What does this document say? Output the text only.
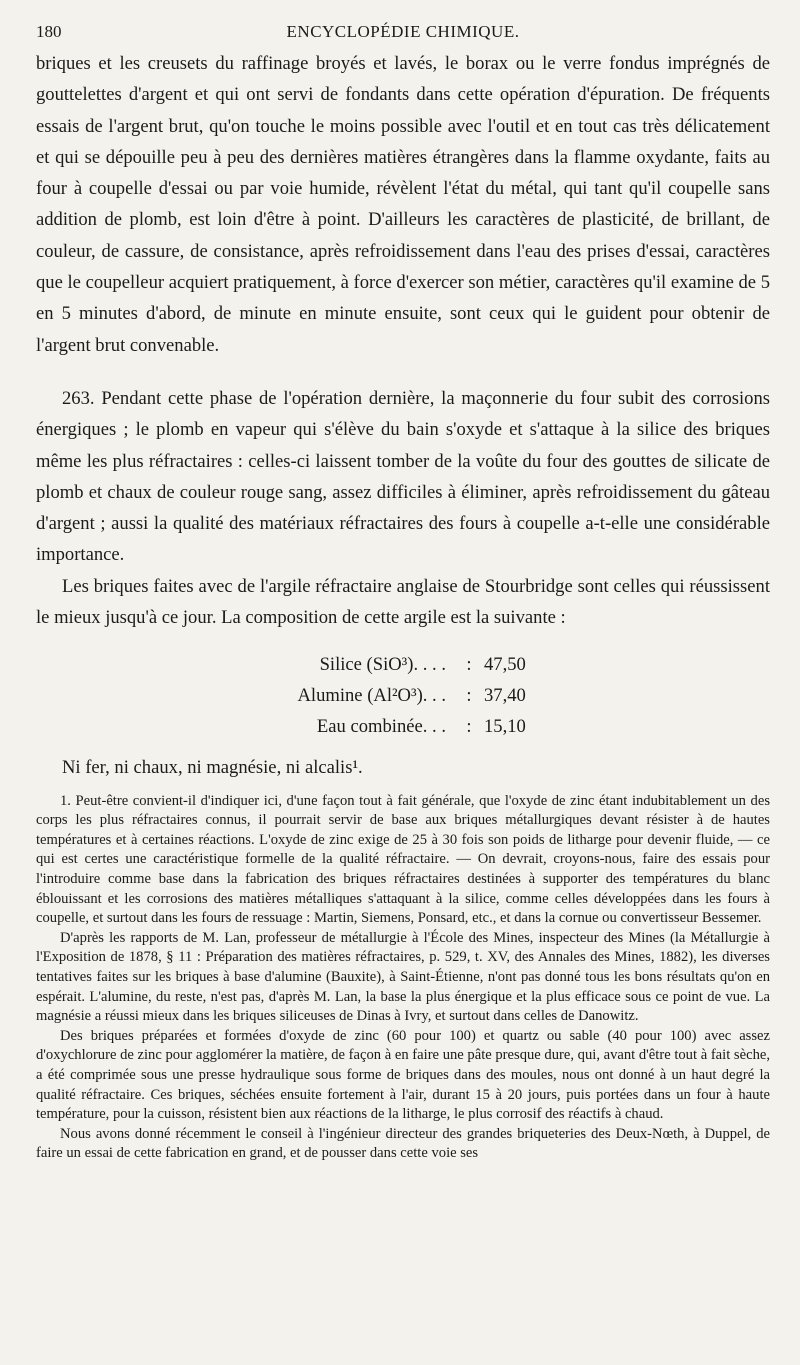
180	ENCYCLOPÉDIE CHIMIQUE.

briques et les creusets du raffinage broyés et lavés, le borax ou le verre fondus imprégnés de gouttelettes d'argent et qui ont servi de fondants dans cette opération d'épuration. De fréquents essais de l'argent brut, qu'on touche le moins possible avec l'outil et en tout cas très délicatement et qui se dépouille peu à peu des dernières matières étrangères dans la flamme oxydante, faits au four à coupelle d'essai ou par voie humide, révèlent l'état du métal, qui tant qu'il coupelle sans addition de plomb, est loin d'être à point. D'ailleurs les caractères de plasticité, de brillant, de couleur, de cassure, de consistance, après refroidissement dans l'eau des prises d'essai, caractères que le coupelleur acquiert pratiquement, à force d'exercer son métier, caractères qu'il examine de 5 en 5 minutes d'abord, de minute en minute ensuite, sont ceux qui le guident pour obtenir de l'argent brut convenable.

263. Pendant cette phase de l'opération dernière, la maçonnerie du four subit des corrosions énergiques ; le plomb en vapeur qui s'élève du bain s'oxyde et s'attaque à la silice des briques même les plus réfractaires : celles-ci laissent tomber de la voûte du four des gouttes de silicate de plomb et chaux de couleur rouge sang, assez difficiles à éliminer, après refroidissement du gâteau d'argent ; aussi la qualité des matériaux réfractaires des fours à coupelle a-t-elle une considérable importance.

Les briques faites avec de l'argile réfractaire anglaise de Stourbridge sont celles qui réussissent le mieux jusqu'à ce jour. La composition de cette argile est la suivante :

Silice (SiO³). . . .	: 47,50
Alumine (Al²O³). . .	: 37,40
Eau combinée. . .	: 15,10

Ni fer, ni chaux, ni magnésie, ni alcalis¹.

1. Peut-être convient-il d'indiquer ici, d'une façon tout à fait générale, que l'oxyde de zinc étant indubitablement un des corps les plus réfractaires connus, il pourrait servir de base aux briques métallurgiques devant résister à de hautes températures et à certaines réactions. L'oxyde de zinc exige de 25 à 30 fois son poids de litharge pour devenir fluide, — ce qui est certes une caractéristique formelle de la qualité réfractaire. — On devrait, croyons-nous, faire des essais pour l'introduire comme base dans la fabrication des briques réfractaires destinées à supporter des températures du blanc éblouissant et les corrosions des matières métalliques s'attaquant à la silice, comme celles développées dans les fours à coupelle, et surtout dans les fours de ressuage : Martin, Siemens, Ponsard, etc., et dans la cornue ou convertisseur Bessemer.

D'après les rapports de M. Lan, professeur de métallurgie à l'École des Mines, inspecteur des Mines (la Métallurgie à l'Exposition de 1878, § 11 : Préparation des matières réfractaires, p. 529, t. XV, des Annales des Mines, 1882), les diverses tentatives faites sur les briques à base d'alumine (Bauxite), à Saint-Étienne, n'ont pas donné tous les bons résultats qu'on en espérait. L'alumine, du reste, n'est pas, d'après M. Lan, la base la plus énergique et la plus efficace sous ce point de vue. La magnésie a réussi mieux dans les briques siliceuses de Dinas à Ivry, et surtout dans celles de Danowitz.

Des briques préparées et formées d'oxyde de zinc (60 pour 100) et quartz ou sable (40 pour 100) avec assez d'oxychlorure de zinc pour agglomérer la matière, de façon à en faire une pâte presque dure, qui, avant d'être tout à fait sèche, a été comprimée sous une presse hydraulique sous forme de briques dans des moules, nous ont donné à un haut degré la qualité réfractaire. Ces briques, séchées ensuite fortement à l'air, durant 15 à 20 jours, puis portées dans un four à haute température, pour la cuisson, résistent bien aux réactions de la litharge, le plus corrosif des réactifs à chaud.

Nous avons donné récemment le conseil à l'ingénieur directeur des grandes briqueteries des Deux-Nœth, à Duppel, de faire un essai de cette fabrication en grand, et de pousser dans cette voie ses
